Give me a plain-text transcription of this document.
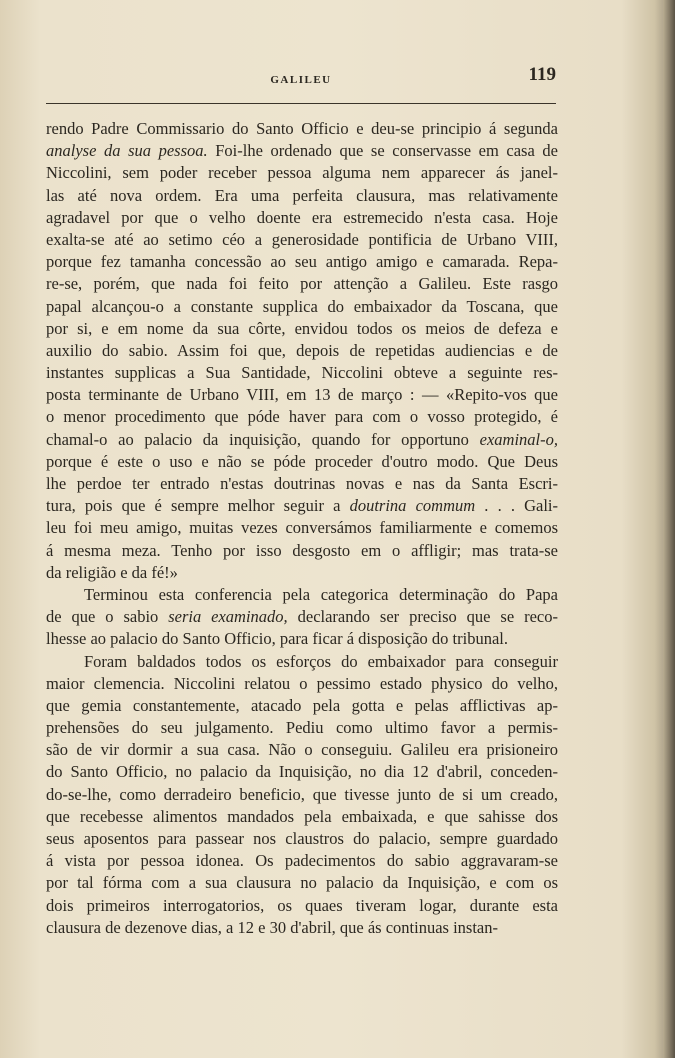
GALILEU	119
rendo Padre Commissario do Santo Officio e deu-se principio á segunda
analyse da sua pessoa. Foi-lhe ordenado que se conservasse em casa de
Niccolini, sem poder receber pessoa alguma nem apparecer ás janel-
las até nova ordem. Era uma perfeita clausura, mas relativamente
agradavel por que o velho doente era estremecido n'esta casa. Hoje
exalta-se até ao setimo céo a generosidade pontificia de Urbano VIII,
porque fez tamanha concessão ao seu antigo amigo e camarada. Repa-
re-se, porém, que nada foi feito por attenção a Galileu. Este rasgo
papal alcançou-o a constante supplica do embaixador da Toscana, que
por si, e em nome da sua côrte, envidou todos os meios de defeza e
auxilio do sabio. Assim foi que, depois de repetidas audiencias e de
instantes supplicas a Sua Santidade, Niccolini obteve a seguinte res-
posta terminante de Urbano VIII, em 13 de março : — «Repito-vos que
o menor procedimento que póde haver para com o vosso protegido, é
chamal-o ao palacio da inquisição, quando for opportuno examinal-o,
porque é este o uso e não se póde proceder d'outro modo. Que Deus
lhe perdoe ter entrado n'estas doutrinas novas e nas da Santa Escri-
tura, pois que é sempre melhor seguir a doutrina commum . . . Gali-
leu foi meu amigo, muitas vezes conversámos familiarmente e comemos
á mesma meza. Tenho por isso desgosto em o affligir; mas trata-se
da religião e da fé!»
Terminou esta conferencia pela categorica determinação do Papa
de que o sabio seria examinado, declarando ser preciso que se reco-
lhesse ao palacio do Santo Officio, para ficar á disposição do tribunal.
Foram baldados todos os esforços do embaixador para conseguir
maior clemencia. Niccolini relatou o pessimo estado physico do velho,
que gemia constantemente, atacado pela gotta e pelas afflictivas ap-
prehensões do seu julgamento. Pediu como ultimo favor a permis-
são de vir dormir a sua casa. Não o conseguiu. Galileu era prisioneiro
do Santo Officio, no palacio da Inquisição, no dia 12 d'abril, conceden-
do-se-lhe, como derradeiro beneficio, que tivesse junto de si um creado,
que recebesse alimentos mandados pela embaixada, e que sahisse dos
seus aposentos para passear nos claustros do palacio, sempre guardado
á vista por pessoa idonea. Os padecimentos do sabio aggravaram-se
por tal fórma com a sua clausura no palacio da Inquisição, e com os
dois primeiros interrogatorios, os quaes tiveram logar, durante esta
clausura de dezenove dias, a 12 e 30 d'abril, que ás continuas instan-
